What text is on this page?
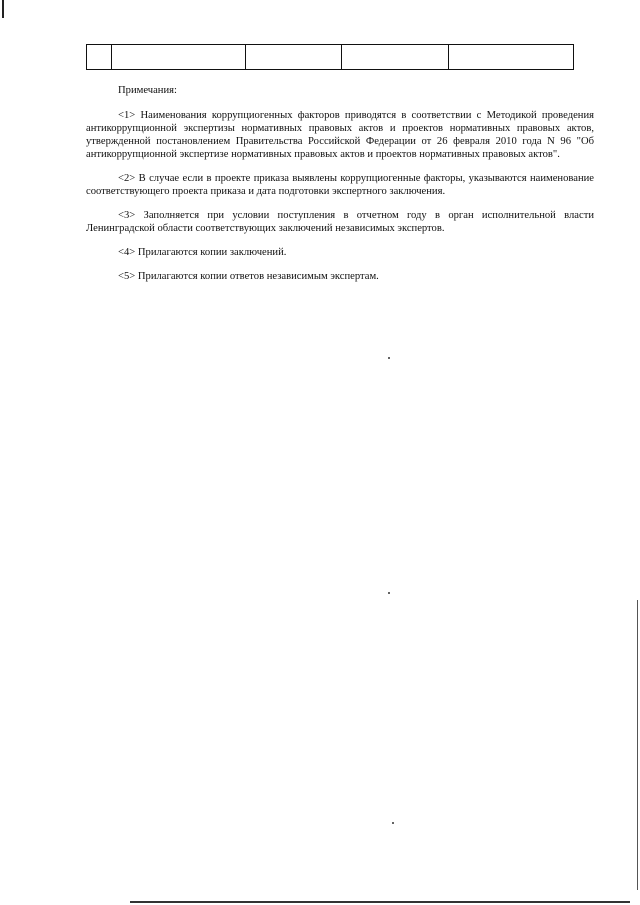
Примечания:

<1> Наименования коррупциогенных факторов приводятся в соответствии с Методикой проведения антикоррупционной экспертизы нормативных правовых актов и проектов нормативных правовых актов, утвержденной постановлением Правительства Российской Федерации от 26 февраля 2010 года N 96 "Об антикоррупционной экспертизе нормативных правовых актов и проектов нормативных правовых актов".

<2> В случае если в проекте приказа выявлены коррупциогенные факторы, указываются наименование соответствующего проекта приказа и дата подготовки экспертного заключения.

<3> Заполняется при условии поступления в отчетном году в орган исполнительной власти Ленинградской области соответствующих заключений независимых экспертов.

<4> Прилагаются копии заключений.

<5> Прилагаются копии ответов независимым экспертам.
